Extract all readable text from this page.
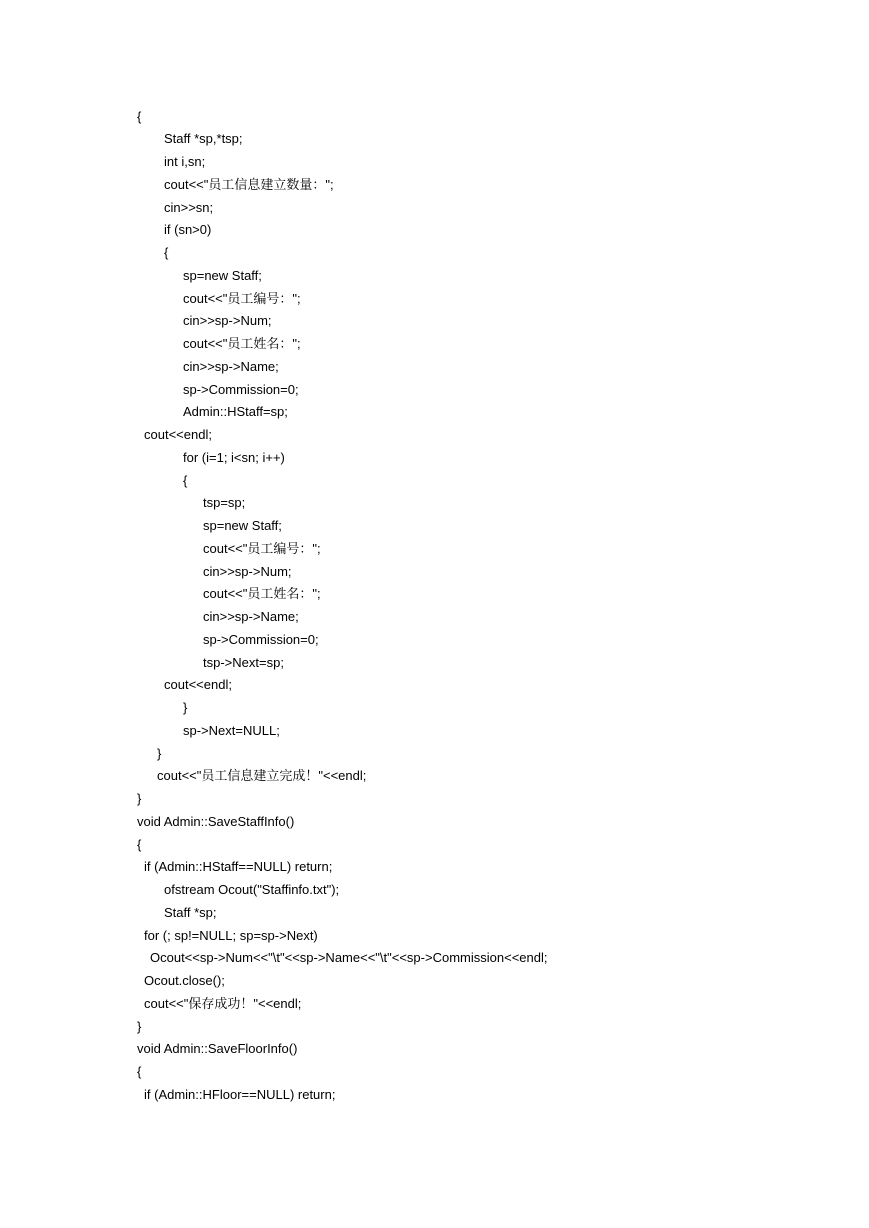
{
Staff *sp,*tsp;
int i,sn;
cout<<"员工信息建立数量：";
cin>>sn;
if (sn>0)
{
sp=new Staff;
cout<<"员工编号：";
cin>>sp->Num;
cout<<"员工姓名：";
cin>>sp->Name;
sp->Commission=0;
Admin::HStaff=sp;
cout<<endl;
for (i=1; i<sn; i++)
{
tsp=sp;
sp=new Staff;
cout<<"员工编号：";
cin>>sp->Num;
cout<<"员工姓名：";
cin>>sp->Name;
sp->Commission=0;
tsp->Next=sp;
cout<<endl;
}
sp->Next=NULL;
}
cout<<"员工信息建立完成！"<<endl;
}
void Admin::SaveStaffInfo()
{
if (Admin::HStaff==NULL) return;
ofstream Ocout("Staffinfo.txt");
Staff *sp;
for (; sp!=NULL; sp=sp->Next)
Ocout<<sp->Num<<"\t"<<sp->Name<<"\t"<<sp->Commission<<endl;
Ocout.close();
cout<<"保存成功！"<<endl;
}
void Admin::SaveFloorInfo()
{
if (Admin::HFloor==NULL) return;
